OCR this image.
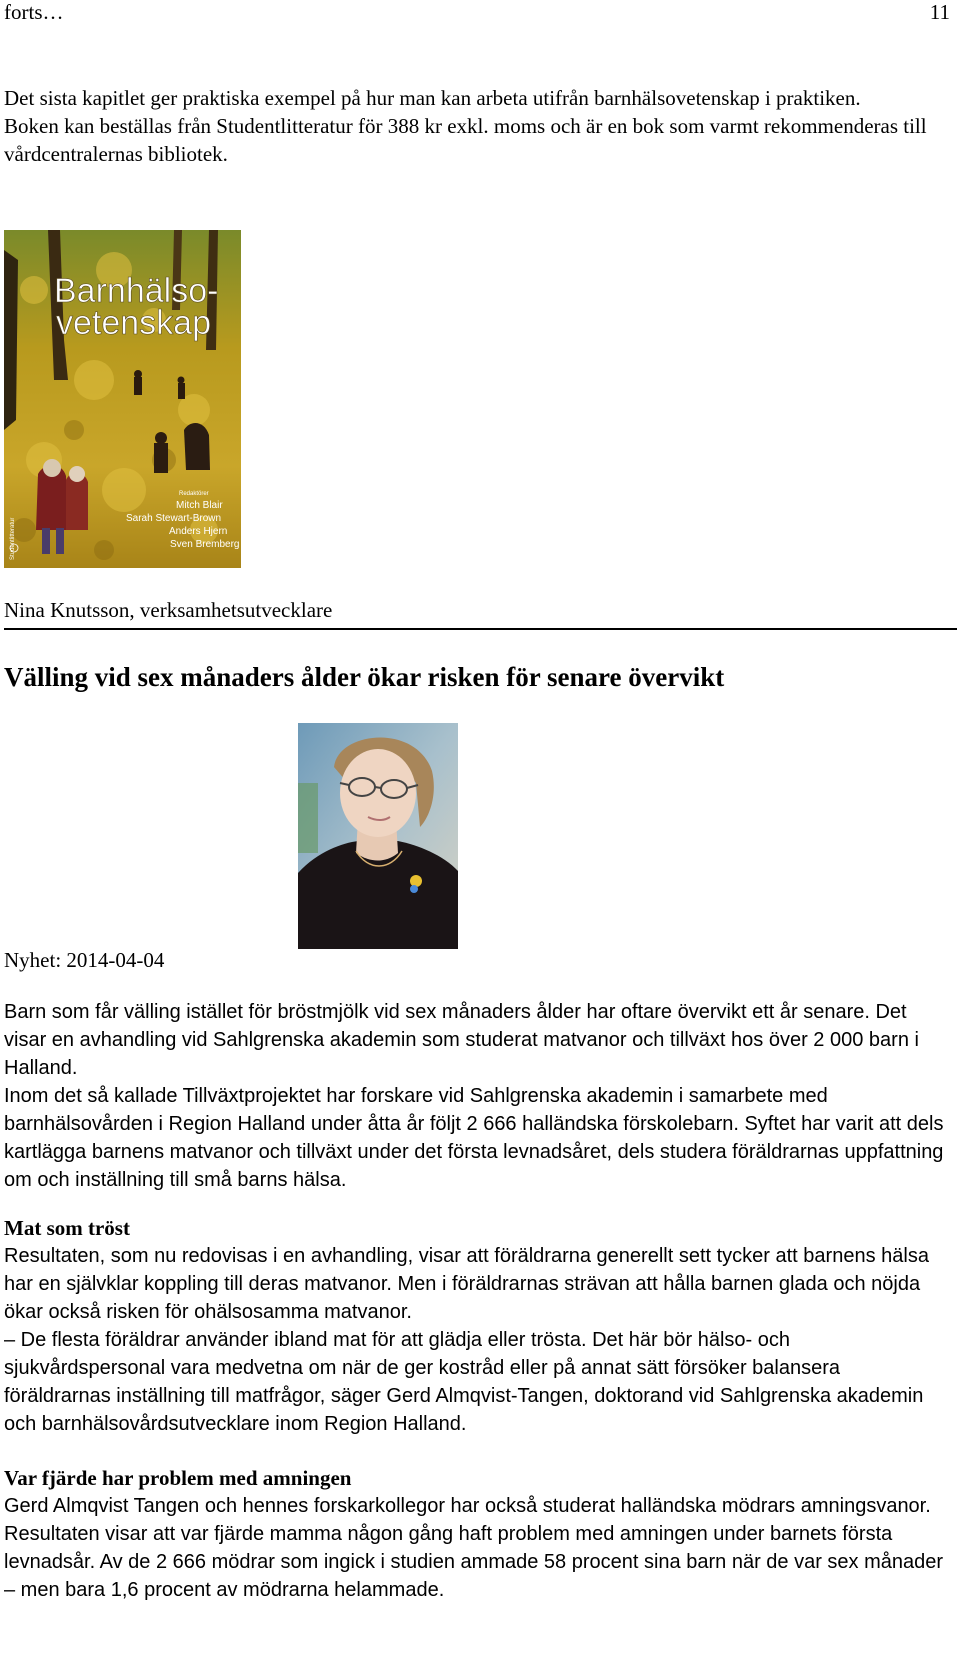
forts…	11

Det sista kapitlet ger praktiska exempel på hur man kan arbeta utifrån barnhälsovetenskap i praktiken.

Boken kan beställas från Studentlitteratur för 388 kr exkl. moms och är en bok som varmt rekommenderas till vårdcentralernas bibliotek.

Barnhälso-
vetenskap
Redaktörer
Mitch Blair
Sarah Stewart-Brown
Anders Hjern
Sven Bremberg
Studentlitteratur
Nina Knutsson, verksamhetsutvecklare
Välling vid sex månaders ålder ökar risken för senare övervikt
Nyhet: 2014-04-04

Barn som får välling istället för bröstmjölk vid sex månaders ålder har oftare övervikt ett år senare. Det visar en avhandling vid Sahlgrenska akademin som studerat matvanor och tillväxt hos över 2 000 barn i Halland.

Inom det så kallade Tillväxtprojektet har forskare vid Sahlgrenska akademin i samarbete med barnhälsovården i Region Halland under åtta år följt 2 666 halländska förskolebarn. Syftet har varit att dels kartlägga barnens matvanor och tillväxt under det första levnadsåret, dels studera föräldrarnas uppfattning om och inställning till små barns hälsa.

Mat som tröst

Resultaten, som nu redovisas i en avhandling, visar att föräldrarna generellt sett tycker att barnens hälsa har en självklar koppling till deras matvanor. Men i föräldrarnas strävan att hålla barnen glada och nöjda ökar också risken för ohälsosamma matvanor.

– De flesta föräldrar använder ibland mat för att glädja eller trösta. Det här bör hälso- och sjukvårdspersonal vara medvetna om när de ger kostråd eller på annat sätt försöker balansera föräldrarnas inställning till matfrågor, säger Gerd Almqvist-Tangen, doktorand vid Sahlgrenska akademin och barnhälsovårdsutvecklare inom Region Halland.

Var fjärde har problem med amningen

Gerd Almqvist Tangen och hennes forskarkollegor har också studerat halländska mödrars amningsvanor. Resultaten visar att var fjärde mamma någon gång haft problem med amningen under barnets första levnadsår. Av de 2 666 mödrar som ingick i studien ammade 58 procent sina barn när de var sex månader – men bara 1,6 procent av mödrarna helammade.
